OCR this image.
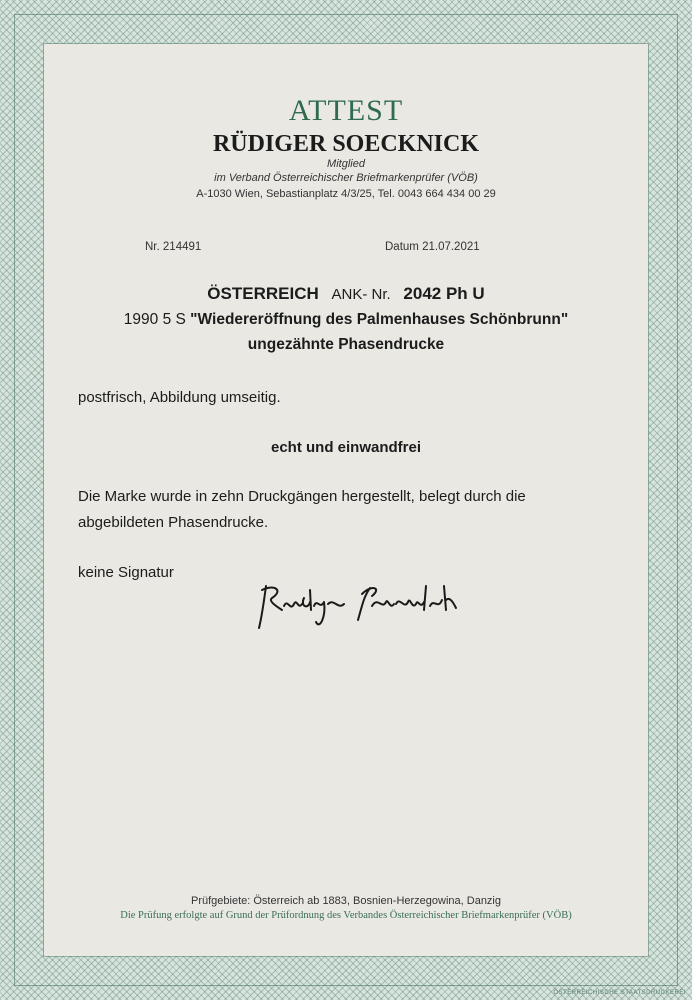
ATTEST
RÜDIGER SOECKNICK
Mitglied
im Verband Österreichischer Briefmarkenprüfer (VÖB)
A-1030 Wien, Sebastianplatz 4/3/25, Tel. 0043 664 434 00 29
Nr. 214491	Datum 21.07.2021
ÖSTERREICH ANK- Nr. 2042 Ph U
1990 5 S "Wiedereröffnung des Palmenhauses Schönbrunn"
ungezähnte Phasendrucke
postfrisch, Abbildung umseitig.
echt und einwandfrei
Die Marke wurde in zehn Druckgängen hergestellt, belegt durch die
abgebildeten Phasendrucke.
keine Signatur
Prüfgebiete: Österreich ab 1883, Bosnien-Herzegowina, Danzig
Die Prüfung erfolgte auf Grund der Prüfordnung des Verbandes Österreichischer Briefmarkenprüfer (VÖB)
ÖSTERREICHISCHE STAATSDRUCKEREI
